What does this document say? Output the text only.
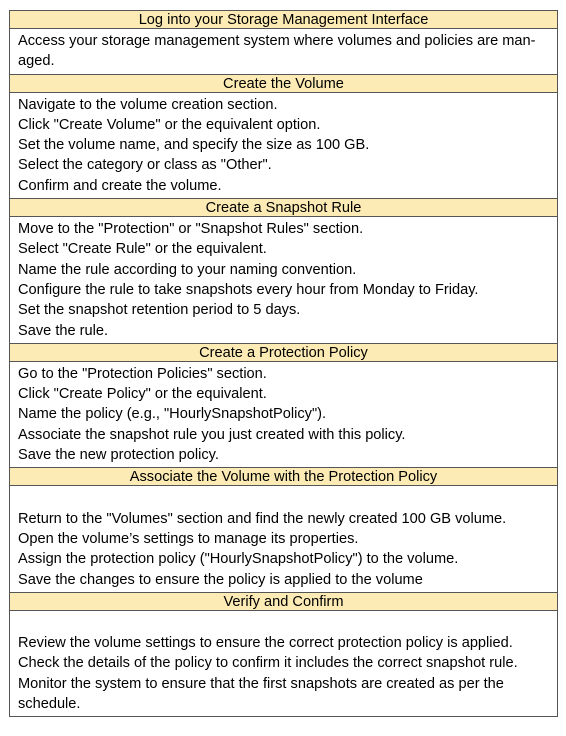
Log into your Storage Management Interface
Access your storage management system where volumes and policies are man-
aged.
Create the Volume
Navigate to the volume creation section.
Click "Create Volume" or the equivalent option.
Set the volume name, and specify the size as 100 GB.
Select the category or class as "Other".
Confirm and create the volume.
Create a Snapshot Rule
Move to the "Protection" or "Snapshot Rules" section.
Select "Create Rule" or the equivalent.
Name the rule according to your naming convention.
Configure the rule to take snapshots every hour from Monday to Friday.
Set the snapshot retention period to 5 days.
Save the rule.
Create a Protection Policy
Go to the "Protection Policies" section.
Click "Create Policy" or the equivalent.
Name the policy (e.g., "HourlySnapshotPolicy").
Associate the snapshot rule you just created with this policy.
Save the new protection policy.
Associate the Volume with the Protection Policy
Return to the "Volumes" section and find the newly created 100 GB volume.
Open the volume’s settings to manage its properties.
Assign the protection policy ("HourlySnapshotPolicy") to the volume.
Save the changes to ensure the policy is applied to the volume
Verify and Confirm
Review the volume settings to ensure the correct protection policy is applied.
Check the details of the policy to confirm it includes the correct snapshot rule.
Monitor the system to ensure that the first snapshots are created as per the
schedule.
